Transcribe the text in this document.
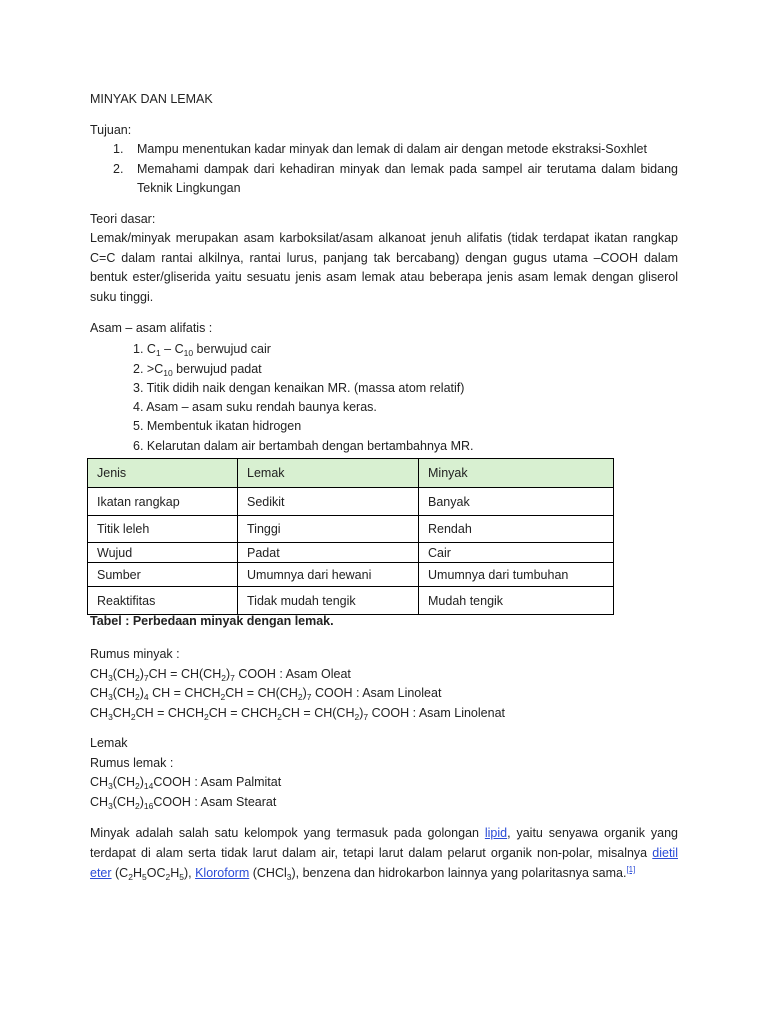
MINYAK DAN LEMAK
Tujuan:
1. Mampu menentukan kadar minyak dan lemak di dalam air dengan metode ekstraksi-Soxhlet
2. Memahami dampak dari kehadiran minyak dan lemak pada sampel air terutama dalam bidang
Teknik Lingkungan
Teori dasar:
Lemak/minyak merupakan asam karboksilat/asam alkanoat jenuh alifatis (tidak terdapat ikatan rangkap
C=C dalam rantai alkilnya, rantai lurus, panjang tak bercabang) dengan gugus utama –COOH dalam
bentuk ester/gliserida yaitu sesuatu jenis asam lemak atau beberapa jenis asam lemak dengan gliserol
suku tinggi.
Asam – asam alifatis :
1. $C_1 - C_{10}$ berwujud cair
2. $>C_{10}$ berwujud padat
3. Titik didih naik dengan kenaikan MR. (massa atom relatif)
4. Asam – asam suku rendah baunya keras.
5. Membentuk ikatan hidrogen
6. Kelarutan dalam air bertambah dengan bertambahnya MR.
Jenis	Lemak	Minyak
Ikatan rangkap	Sedikit	Banyak
Titik leleh	Tinggi	Rendah
Wujud	Padat	Cair
Sumber	Umumnya dari hewani	Umumnya dari tumbuhan
Reaktifitas	Tidak mudah tengik	Mudah tengik
Tabel : Perbedaan minyak dengan lemak.
Rumus minyak :
$CH_3(CH_2)_7CH = CH(CH_2)_7$ COOH : Asam Oleat
$CH_3(CH_2)_4$ CH = $CHCH_2CH = CH(CH_2)_7$ COOH : Asam Linoleat
$CH_3CH_2CH$ = $CHCH_2CH$ = $CHCH_2CH = CH(CH_2)_7$ COOH : Asam Linolenat
Lemak
Rumus lemak :
$CH_3(CH_2)_{14}COOH$ : Asam Palmitat
$CH_3(CH_2)_{16}COOH$ : Asam Stearat
Minyak adalah salah satu kelompok yang termasuk pada golongan lipid, yaitu senyawa organik yang
terdapat di alam serta tidak larut dalam air, tetapi larut dalam pelarut organik non-polar, misalnya dietil
eter $(C_2H_5OC_2H_5)$, Kloroform (CHCl$_3$), benzena dan hidrokarbon lainnya yang polaritasnya sama.[1]
